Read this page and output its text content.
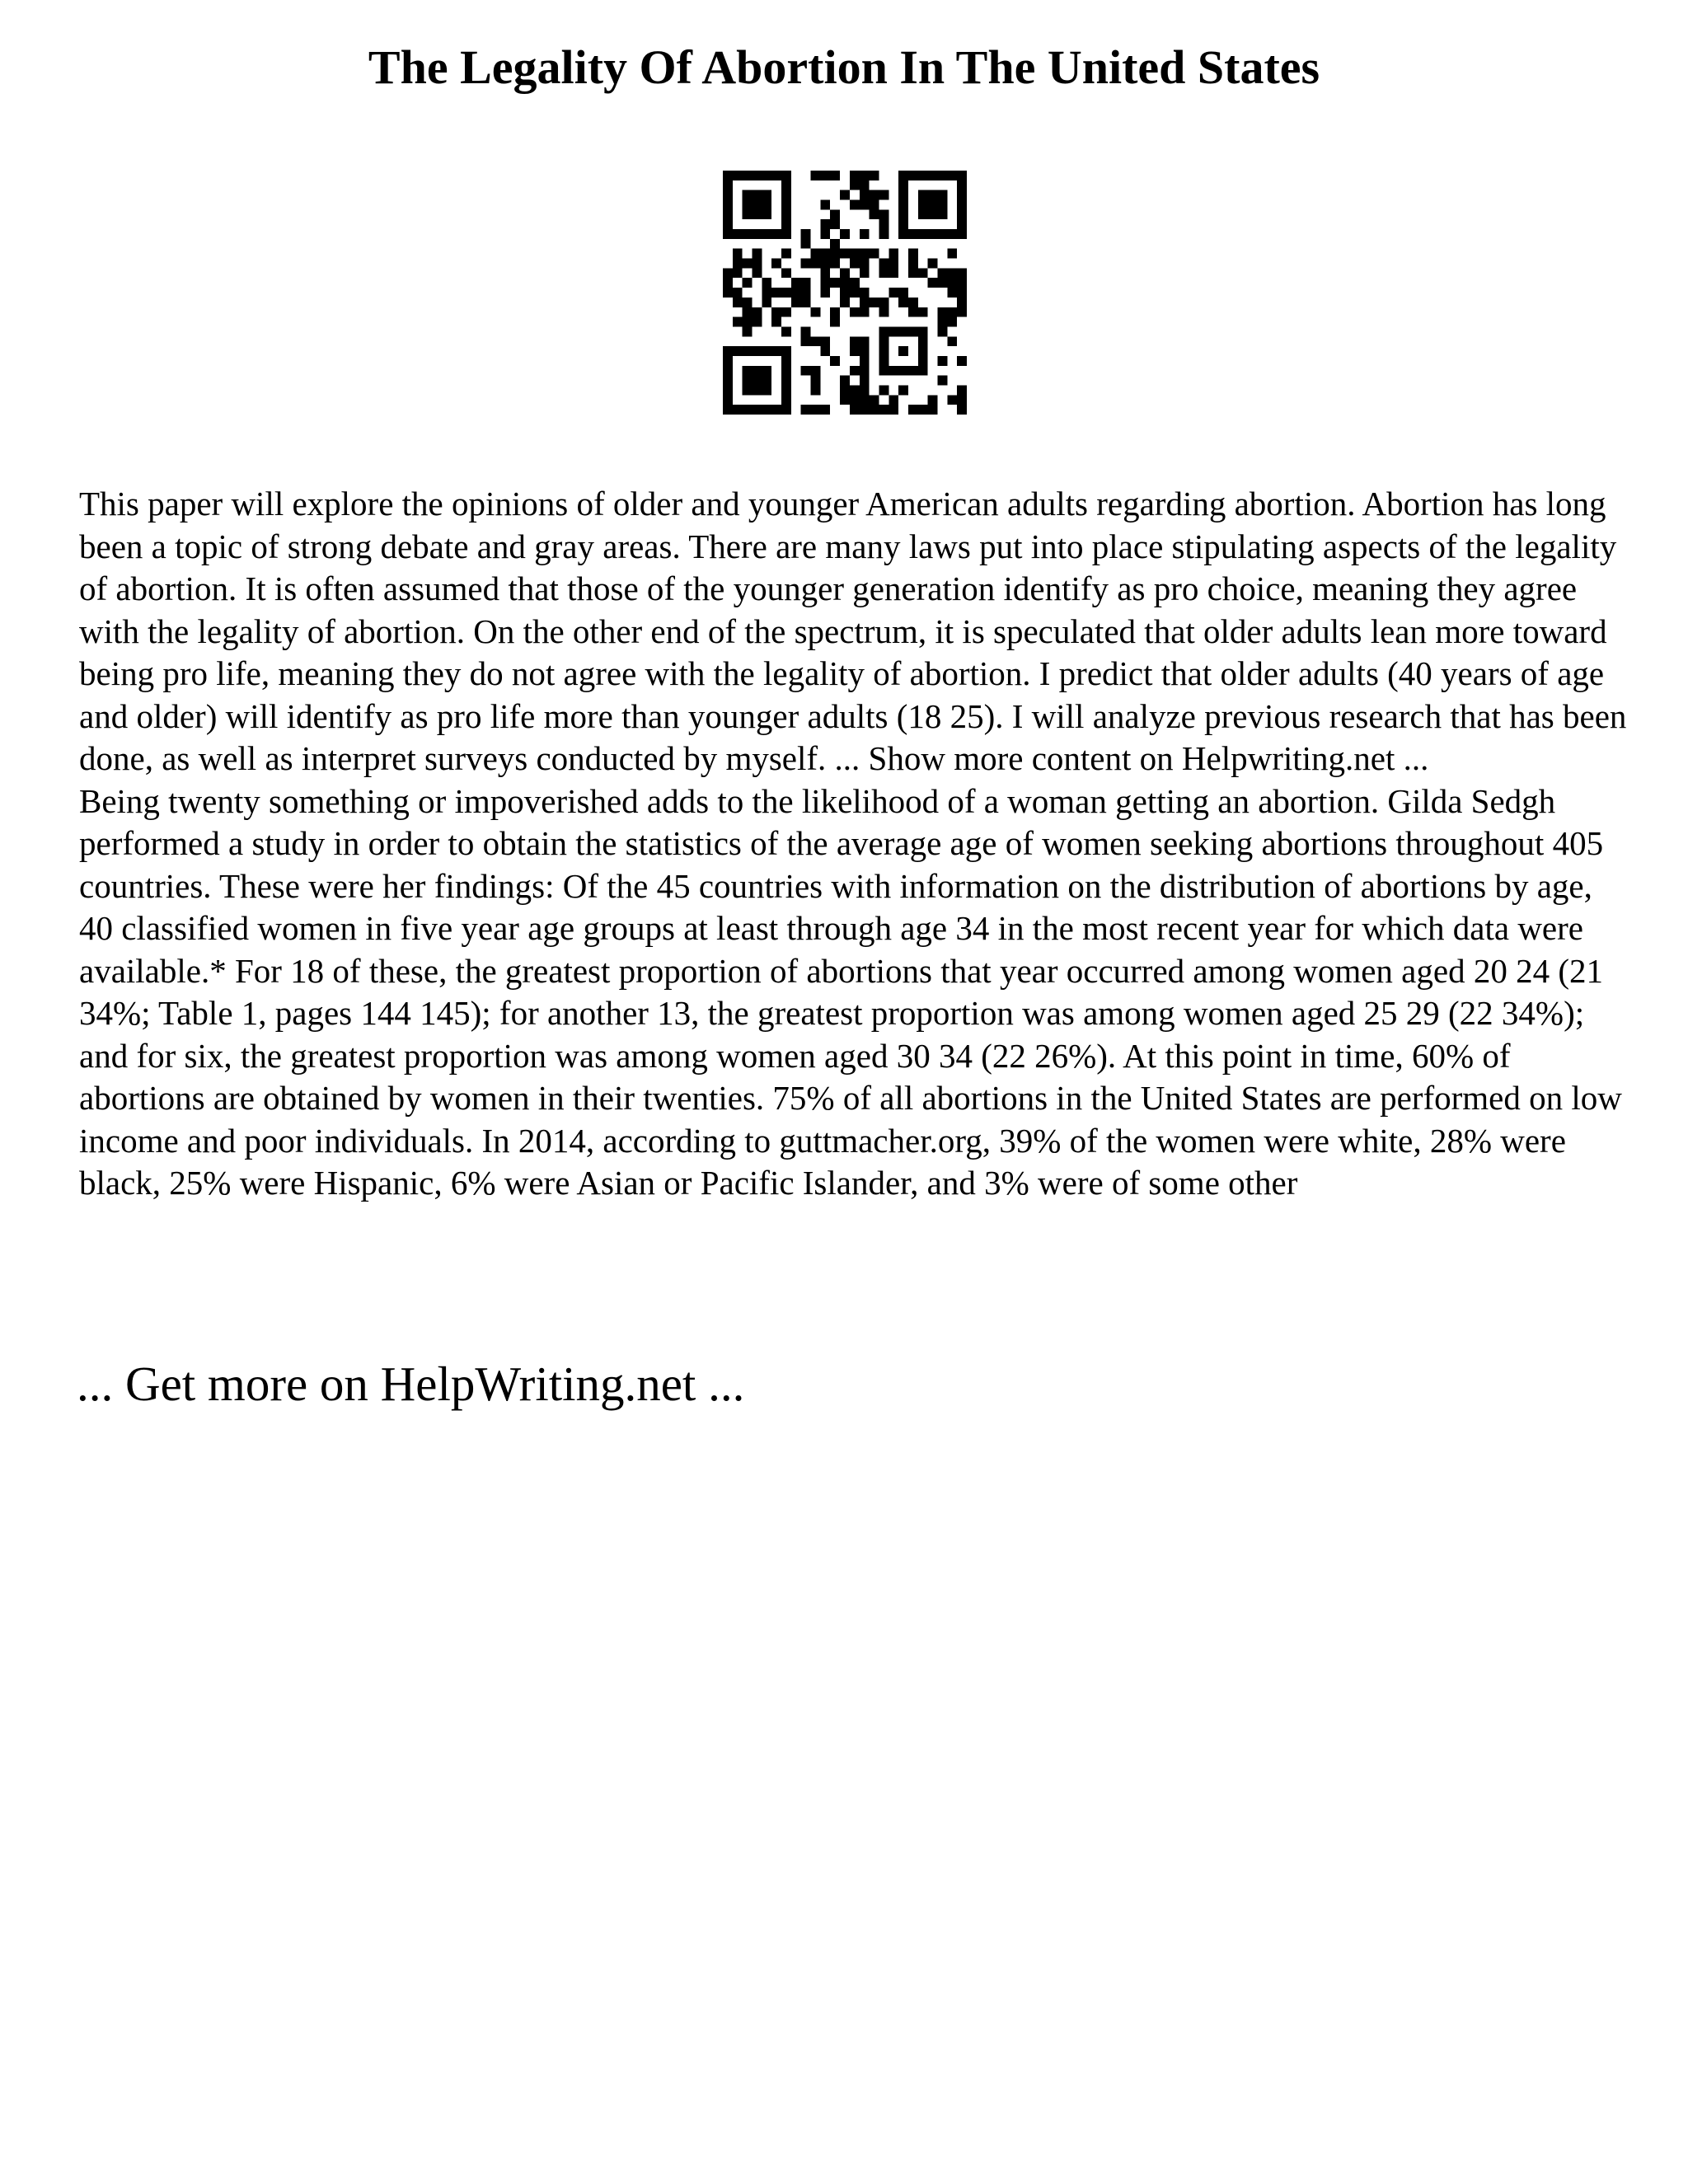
The Legality Of Abortion In The United States

This paper will explore the opinions of older and younger American adults regarding abortion. Abortion has long been a topic of strong debate and gray areas. There are many laws put into place stipulating aspects of the legality of abortion. It is often assumed that those of the younger generation identify as pro choice, meaning they agree with the legality of abortion. On the other end of the spectrum, it is speculated that older adults lean more toward being pro life, meaning they do not agree with the legality of abortion. I predict that older adults (40 years of age and older) will identify as pro life more than younger adults (18 25). I will analyze previous research that has been done, as well as interpret surveys conducted by myself. ... Show more content on Helpwriting.net ...

Being twenty something or impoverished adds to the likelihood of a woman getting an abortion. Gilda Sedgh performed a study in order to obtain the statistics of the average age of women seeking abortions throughout 405 countries. These were her findings: Of the 45 countries with information on the distribution of abortions by age, 40 classified women in five year age groups at least through age 34 in the most recent year for which data were available.* For 18 of these, the greatest proportion of abortions that year occurred among women aged 20 24 (21 34%; Table 1, pages 144 145); for another 13, the greatest proportion was among women aged 25 29 (22 34%); and for six, the greatest proportion was among women aged 30 34 (22 26%). At this point in time, 60% of abortions are obtained by women in their twenties. 75% of all abortions in the United States are performed on low income and poor individuals. In 2014, according to guttmacher.org, 39% of the women were white, 28% were black, 25% were Hispanic, 6% were Asian or Pacific Islander, and 3% were of some other

... Get more on HelpWriting.net ...
